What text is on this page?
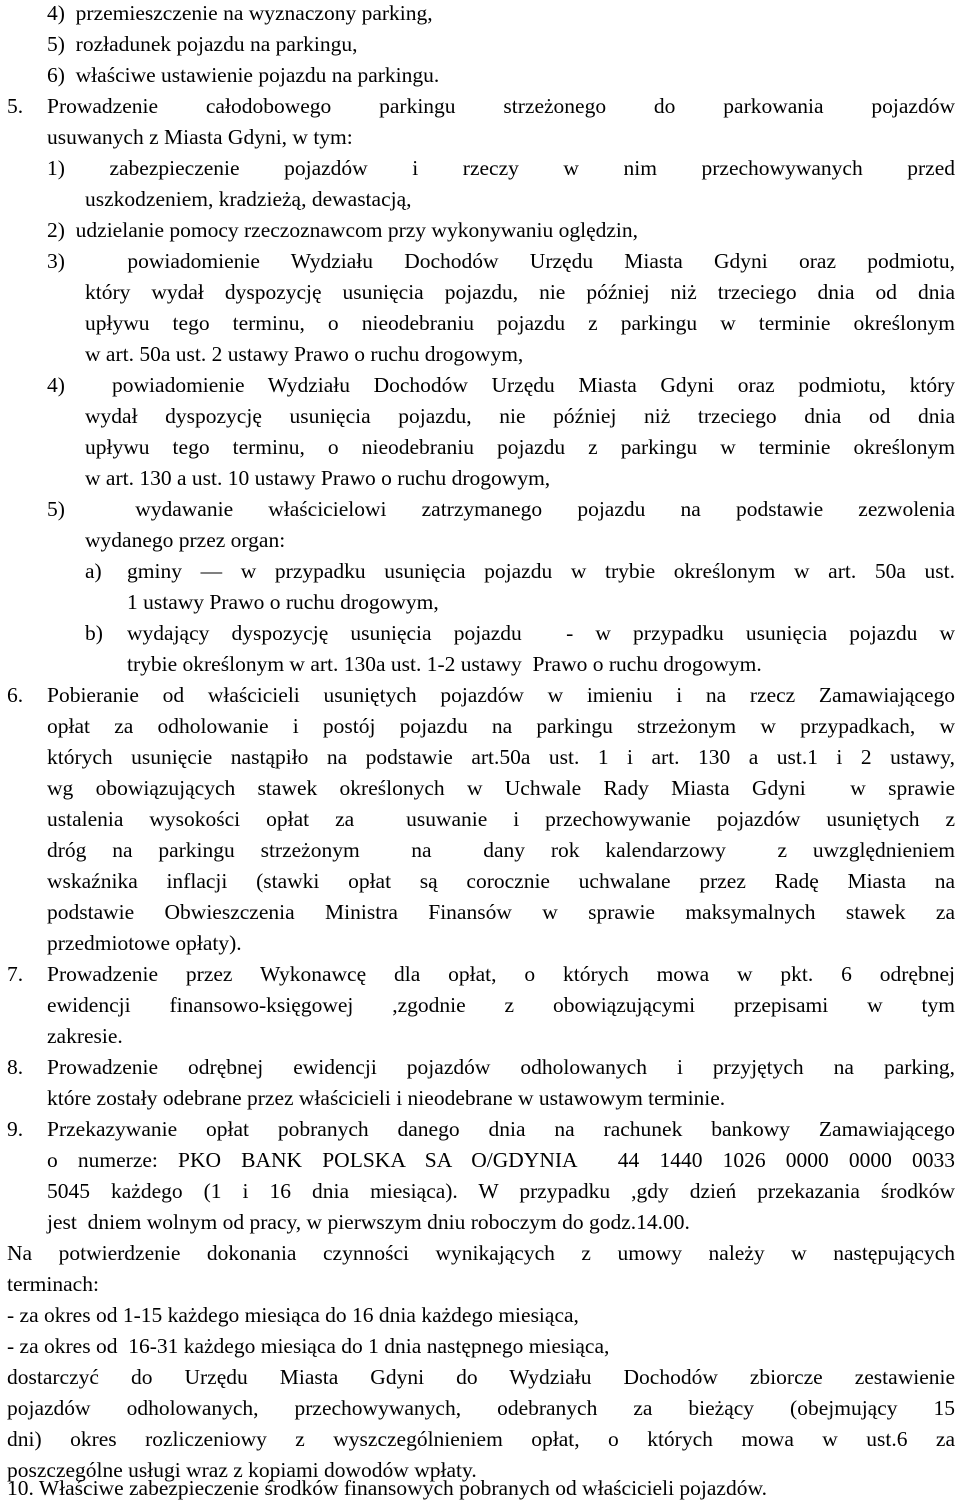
4)  przemieszczenie na wyznaczony parking,
5)  rozładunek pojazdu na parkingu,
6)  właściwe ustawienie pojazdu na parkingu.
5. Prowadzenie całodobowego parkingu strzeżonego do parkowania pojazdów
usuwanych z Miasta Gdyni, w tym:
1) zabezpieczenie pojazdów i rzeczy w nim przechowywanych przed
uszkodzeniem, kradzieżą, dewastacją,
2)  udzielanie pomocy rzeczoznawcom przy wykonywaniu oględzin,
3)  powiadomienie Wydziału Dochodów Urzędu Miasta Gdyni oraz podmiotu,
który wydał dyspozycję usunięcia pojazdu, nie później niż trzeciego dnia od dnia
upływu tego terminu, o nieodebraniu pojazdu z parkingu w terminie określonym
w art. 50a ust. 2 ustawy Prawo o ruchu drogowym,
4)  powiadomienie Wydziału Dochodów Urzędu Miasta Gdyni oraz podmiotu, który
wydał dyspozycję usunięcia pojazdu, nie później niż trzeciego dnia od dnia
upływu tego terminu, o nieodebraniu pojazdu z parkingu w terminie określonym
w art. 130 a ust. 10 ustawy Prawo o ruchu drogowym,
5)  wydawanie właścicielowi zatrzymanego pojazdu na podstawie zezwolenia
wydanego przez organ:
a) gminy — w przypadku usunięcia pojazdu w trybie określonym w art. 50a ust.
1 ustawy Prawo o ruchu drogowym,
b) wydający dyspozycję usunięcia pojazdu  - w przypadku usunięcia pojazdu w
trybie określonym w art. 130a ust. 1-2 ustawy  Prawo o ruchu drogowym.
6. Pobieranie od właścicieli usuniętych pojazdów w imieniu i na rzecz Zamawiającego
opłat za odholowanie i postój pojazdu na parkingu strzeżonym w przypadkach, w
których usunięcie nastąpiło na podstawie art.50a ust. 1 i art. 130 a ust.1 i 2 ustawy,
wg obowiązujących stawek określonych w Uchwale Rady Miasta Gdyni  w sprawie
ustalenia wysokości opłat za  usuwanie i przechowywanie pojazdów usuniętych z
dróg na parkingu strzeżonym  na  dany rok kalendarzowy  z uwzględnieniem
wskaźnika inflacji (stawki opłat są corocznie uchwalane przez Radę Miasta na
podstawie Obwieszczenia Ministra Finansów w sprawie maksymalnych stawek za
przedmiotowe opłaty).
7. Prowadzenie przez Wykonawcę dla opłat, o których mowa w pkt. 6 odrębnej
ewidencji finansowo-księgowej ,zgodnie z obowiązującymi przepisami w tym
zakresie.
8. Prowadzenie odrębnej ewidencji pojazdów odholowanych i przyjętych na parking,
które zostały odebrane przez właścicieli i nieodebrane w ustawowym terminie.
9. Przekazywanie opłat pobranych danego dnia na rachunek bankowy Zamawiającego
o numerze: PKO BANK POLSKA SA O/GDYNIA  44 1440 1026 0000 0000 0033
5045 każdego (1 i 16 dnia miesiąca). W przypadku ,gdy dzień przekazania środków
jest  dniem wolnym od pracy, w pierwszym dniu roboczym do godz.14.00.
Na potwierdzenie dokonania czynności wynikających z umowy należy w następujących
terminach:
- za okres od 1-15 każdego miesiąca do 16 dnia każdego miesiąca,
- za okres od  16-31 każdego miesiąca do 1 dnia następnego miesiąca,
dostarczyć do Urzędu Miasta Gdyni do Wydziału Dochodów zbiorcze zestawienie
pojazdów odholowanych, przechowywanych, odebranych za bieżący (obejmujący 15
dni) okres rozliczeniowy z wyszczególnieniem opłat, o których mowa w ust.6 za
poszczególne usługi wraz z kopiami dowodów wpłaty.
10. Właściwe zabezpieczenie środków finansowych pobranych od właścicieli pojazdów.
